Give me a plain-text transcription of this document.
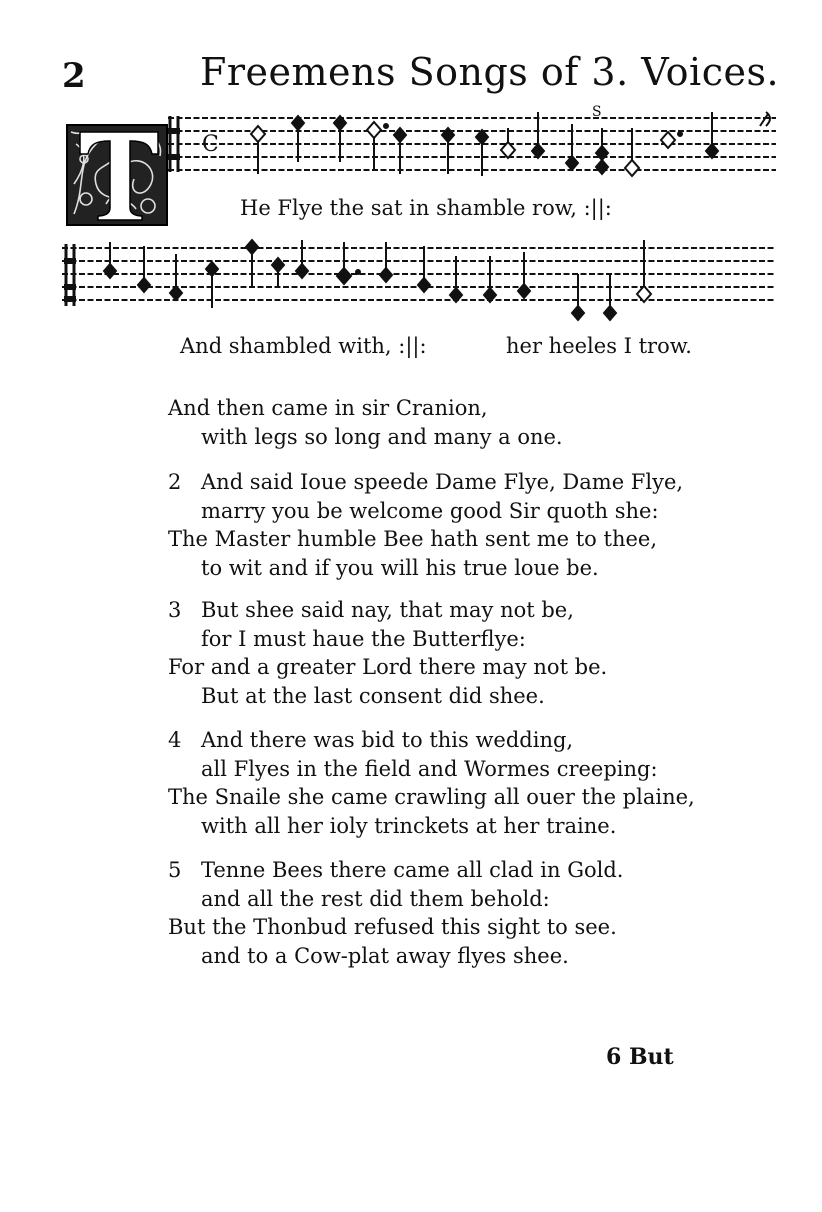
2	Freemens Songs of 3. Voices.
T
C
S
He Flye the sat in shamble row, :||:
And shambled with, :||:	her heeles I trow.
And then came in sir Cranion,
with legs so long and many a one.
2 And said Ioue speede Dame Flye, Dame Flye,
marry you be welcome good Sir quoth she:
The Master humble Bee hath sent me to thee,
to wit and if you will his true loue be.
3 But shee said nay, that may not be,
for I must haue the Butterflye:
For and a greater Lord there may not be.
But at the last consent did shee.
4 And there was bid to this wedding,
all Flyes in the field and Wormes creeping:
The Snaile she came crawling all ouer the plaine,
with all her ioly trinckets at her traine.
5 Tenne Bees there came all clad in Gold.
and all the rest did them behold:
But the Thonbud refused this sight to see.
and to a Cow-plat away flyes shee.
6 But
